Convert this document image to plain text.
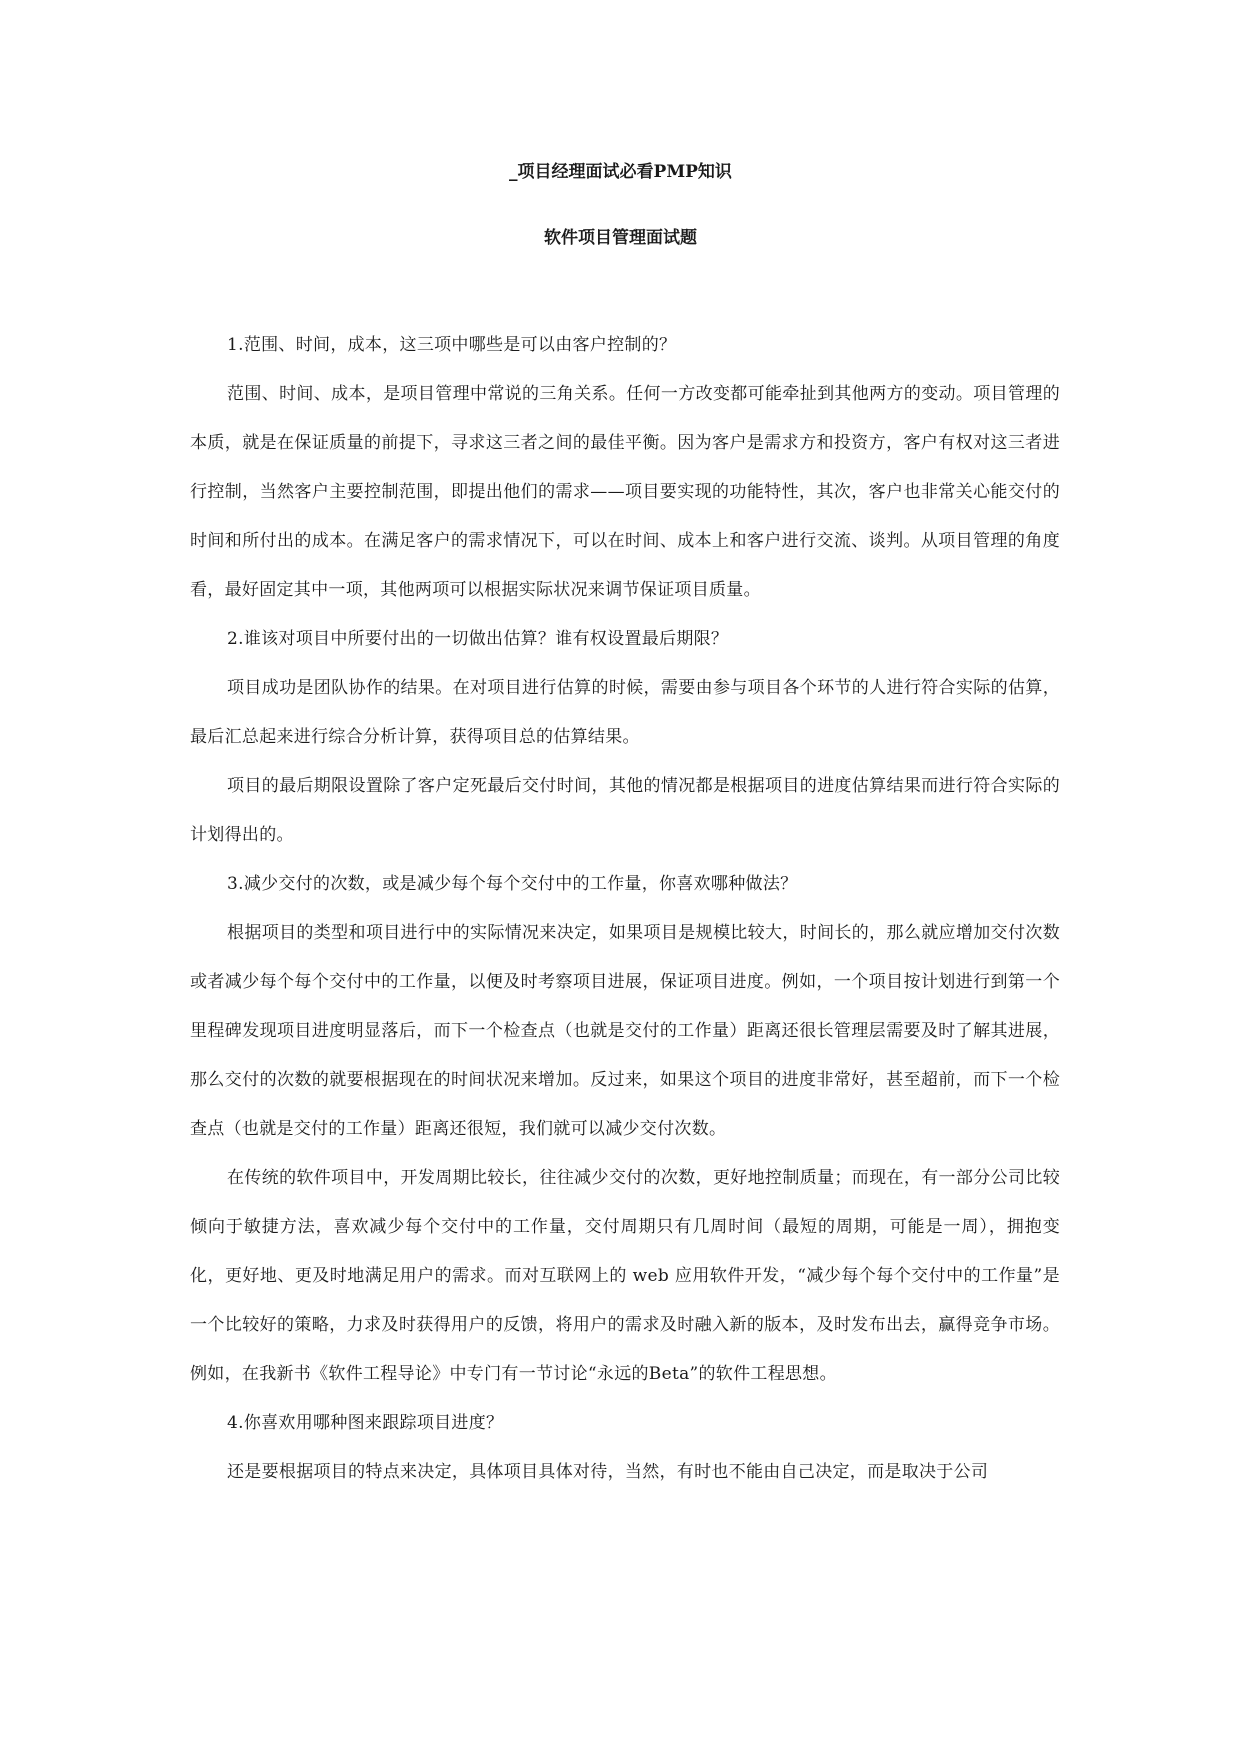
_项目经理面试必看PMP知识
软件项目管理面试题

1.范围、时间，成本，这三项中哪些是可以由客户控制的？

范围、时间、成本，是项目管理中常说的三角关系。任何一方改变都可能牵扯到其他两方的变动。项目管理的本质，就是在保证质量的前提下，寻求这三者之间的最佳平衡。因为客户是需求方和投资方，客户有权对这三者进行控制，当然客户主要控制范围，即提出他们的需求——项目要实现的功能特性，其次，客户也非常关心能交付的时间和所付出的成本。在满足客户的需求情况下，可以在时间、成本上和客户进行交流、谈判。从项目管理的角度看，最好固定其中一项，其他两项可以根据实际状况来调节保证项目质量。

2.谁该对项目中所要付出的一切做出估算？谁有权设置最后期限？

项目成功是团队协作的结果。在对项目进行估算的时候，需要由参与项目各个环节的人进行符合实际的估算，最后汇总起来进行综合分析计算，获得项目总的估算结果。

项目的最后期限设置除了客户定死最后交付时间，其他的情况都是根据项目的进度估算结果而进行符合实际的计划得出的。

3.减少交付的次数，或是减少每个每个交付中的工作量，你喜欢哪种做法？

根据项目的类型和项目进行中的实际情况来决定，如果项目是规模比较大，时间长的，那么就应增加交付次数或者减少每个每个交付中的工作量，以便及时考察项目进展，保证项目进度。例如，一个项目按计划进行到第一个里程碑发现项目进度明显落后，而下一个检查点（也就是交付的工作量）距离还很长管理层需要及时了解其进展，那么交付的次数的就要根据现在的时间状况来增加。反过来，如果这个项目的进度非常好，甚至超前，而下一个检查点（也就是交付的工作量）距离还很短，我们就可以减少交付次数。

在传统的软件项目中，开发周期比较长，往往减少交付的次数，更好地控制质量；而现在，有一部分公司比较倾向于敏捷方法，喜欢减少每个交付中的工作量，交付周期只有几周时间（最短的周期，可能是一周），拥抱变化，更好地、更及时地满足用户的需求。而对互联网上的 web 应用软件开发，“减少每个每个交付中的工作量”是一个比较好的策略，力求及时获得用户的反馈，将用户的需求及时融入新的版本，及时发布出去，赢得竞争市场。例如，在我新书《软件工程导论》中专门有一节讨论“永远的Beta”的软件工程思想。

4.你喜欢用哪种图来跟踪项目进度？

还是要根据项目的特点来决定，具体项目具体对待，当然，有时也不能由自己决定，而是取决于公司
